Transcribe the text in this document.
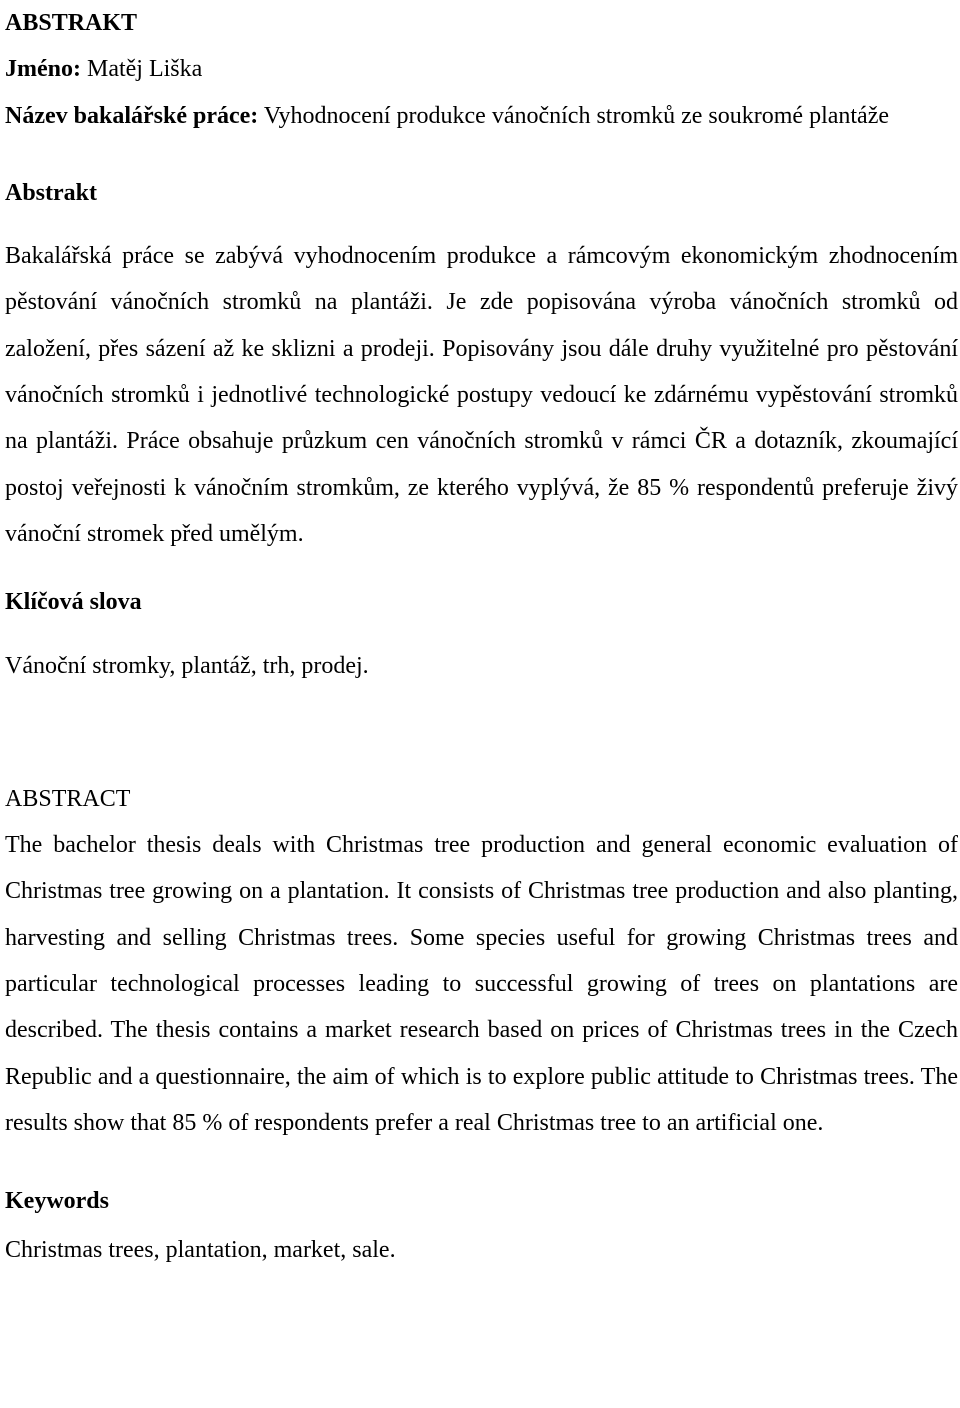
ABSTRAKT

Jméno: Matěj Liška

Název bakalářské práce: Vyhodnocení produkce vánočních stromků ze soukromé plantáže

Abstrakt

Bakalářská práce se zabývá vyhodnocením produkce a rámcovým ekonomickým zhodnocením pěstování vánočních stromků na plantáži. Je zde popisována výroba vánočních stromků od založení, přes sázení až ke sklizni a prodeji. Popisovány jsou dále druhy využitelné pro pěstování vánočních stromků i jednotlivé technologické postupy vedoucí ke zdárnému vypěstování stromků na plantáži. Práce obsahuje průzkum cen vánočních stromků v rámci ČR a dotazník, zkoumající postoj veřejnosti k vánočním stromkům, ze kterého vyplývá, že 85 % respondentů preferuje živý vánoční stromek před umělým.

Klíčová slova

Vánoční stromky, plantáž, trh, prodej.

ABSTRACT

The bachelor thesis deals with Christmas tree production and general economic evaluation of Christmas tree growing on a plantation. It consists of Christmas tree production and also planting, harvesting and selling Christmas trees. Some species useful for growing Christmas trees and particular technological processes leading to successful growing of trees on plantations are described. The thesis contains a market research based on prices of Christmas trees in the Czech Republic and a questionnaire, the aim of which is to explore public attitude to Christmas trees. The results show that 85 % of respondents prefer a real Christmas tree to an artificial one.

Keywords

Christmas trees, plantation, market, sale.
